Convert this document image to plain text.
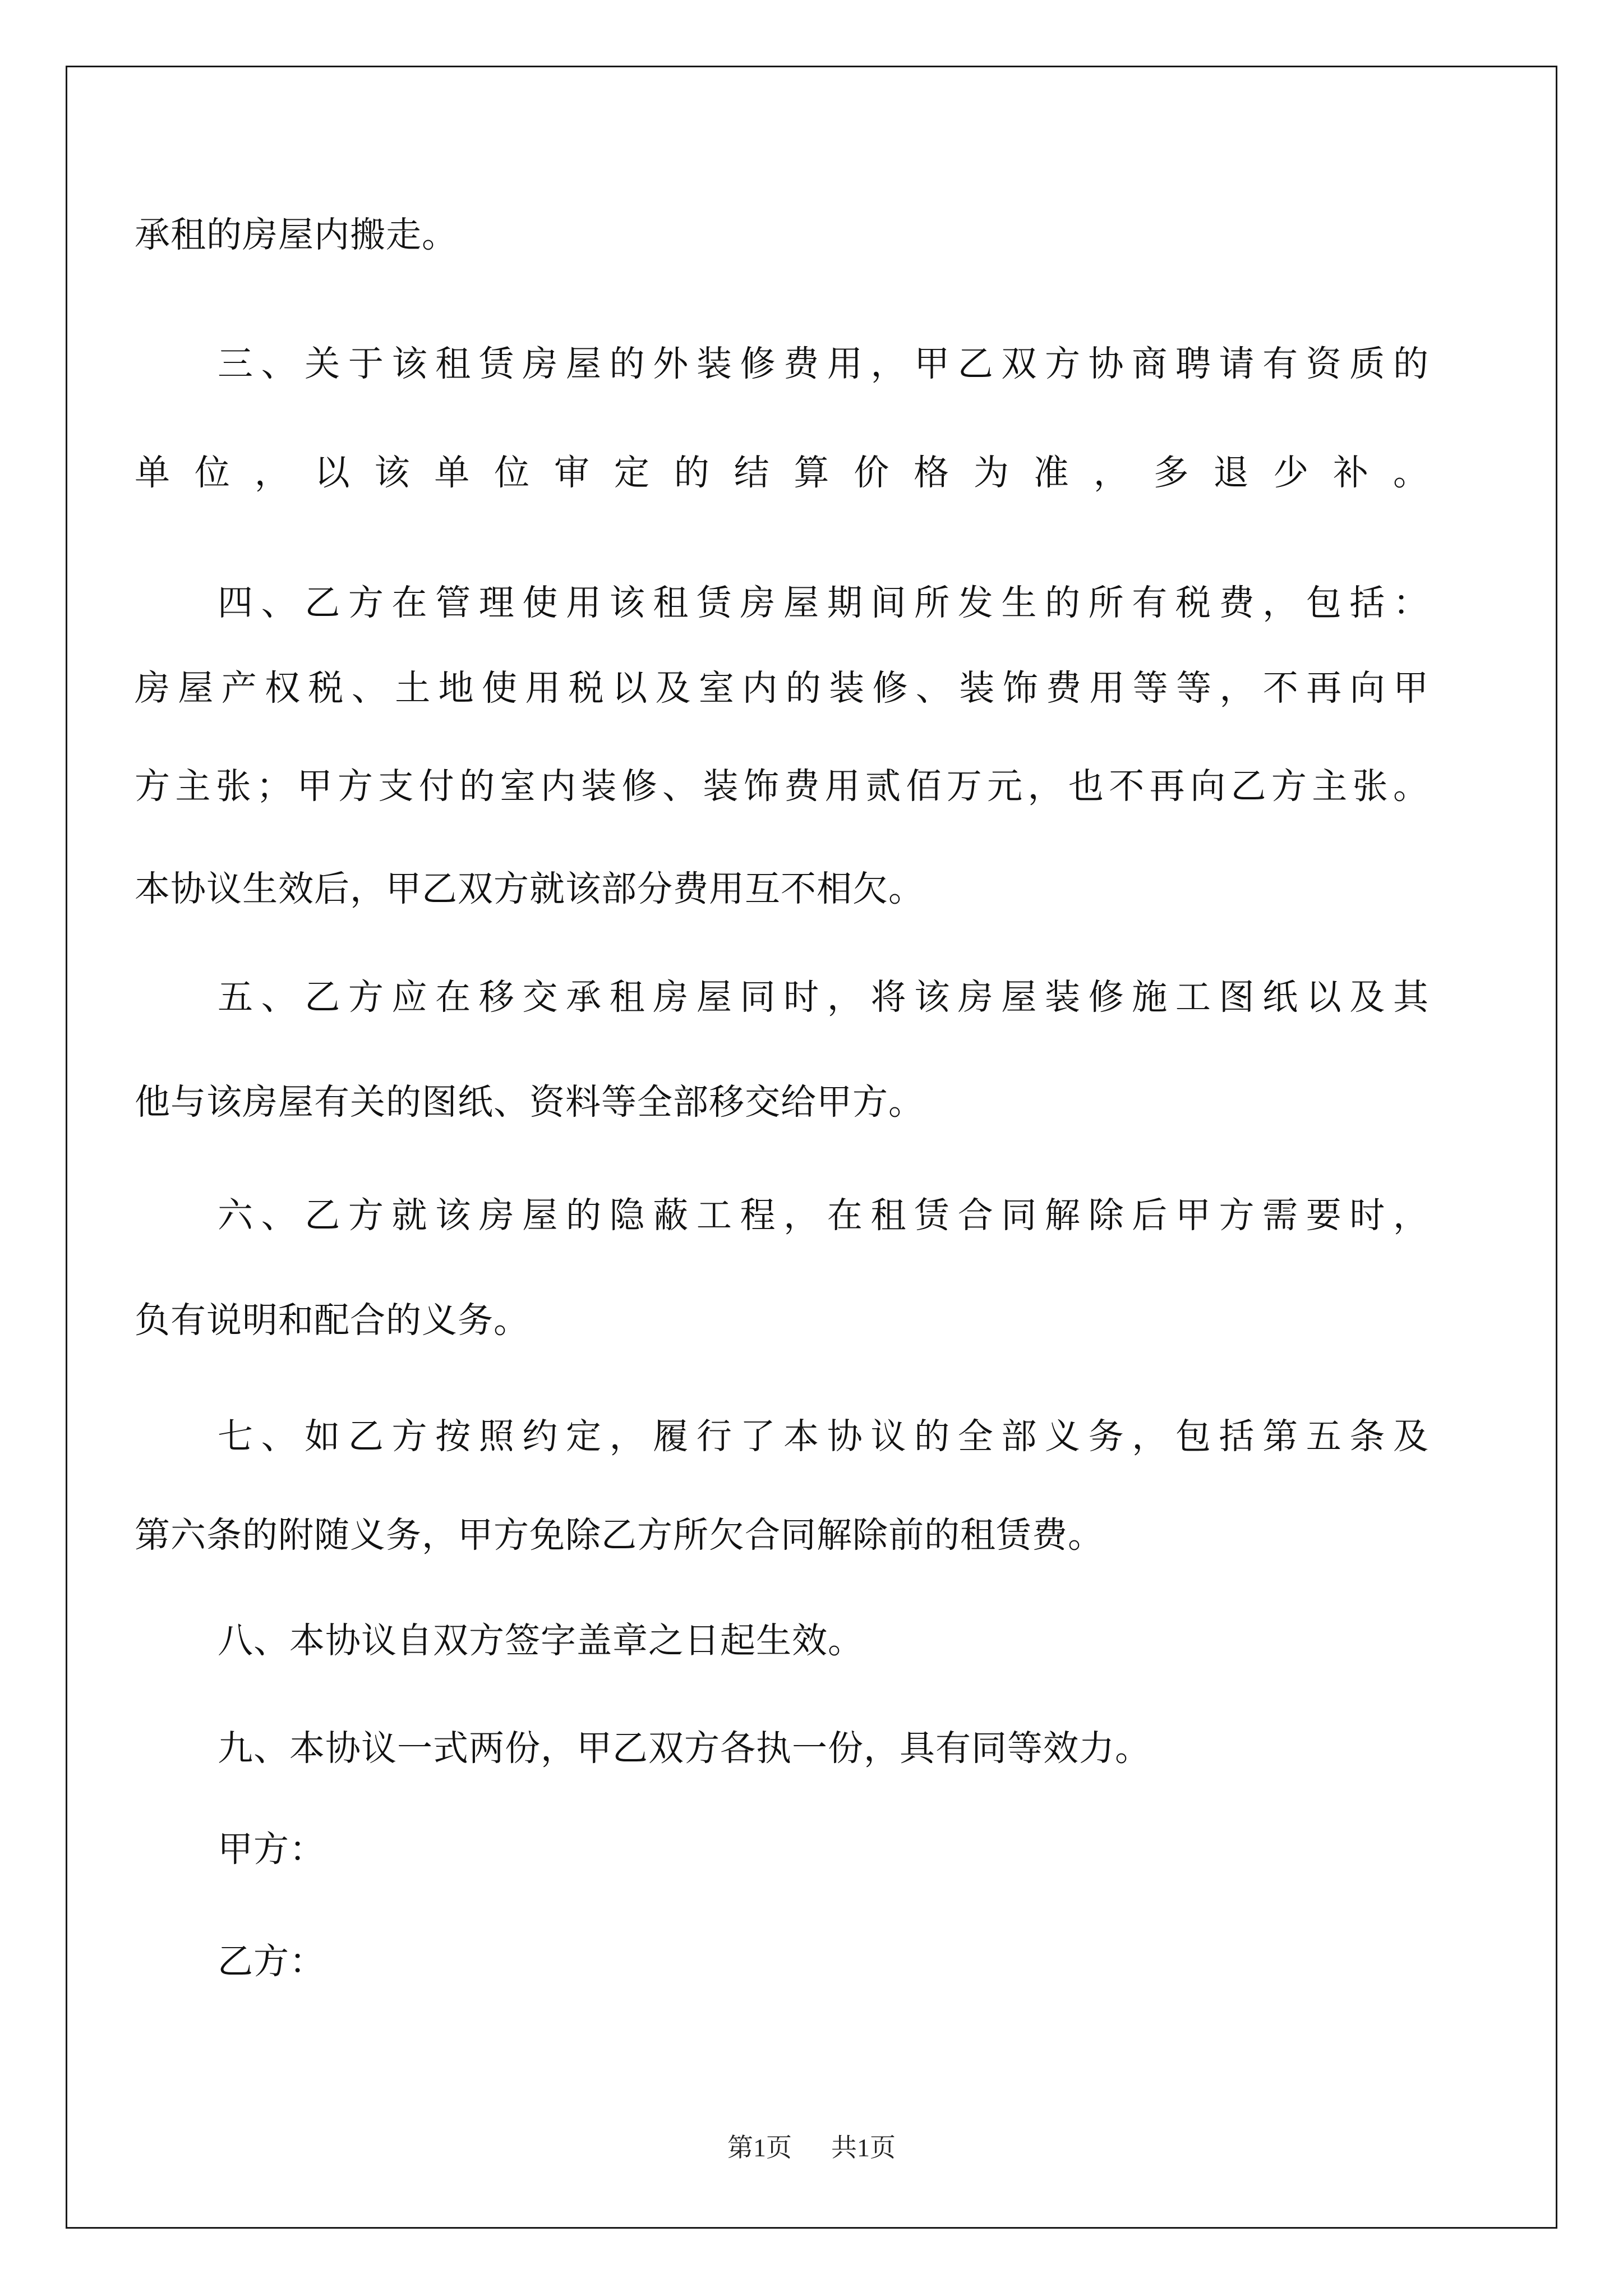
承租的房屋内搬走。
三、关于该租赁房屋的外装修费用，甲乙双方协商聘请有资质的
单位，以该单位审定的结算价格为准，多退少补。
四、乙方在管理使用该租赁房屋期间所发生的所有税费，包括：
房屋产权税、土地使用税以及室内的装修、装饰费用等等，不再向甲
方主张；甲方支付的室内装修、装饰费用贰佰万元，也不再向乙方主张。
本协议生效后，甲乙双方就该部分费用互不相欠。
五、乙方应在移交承租房屋同时，将该房屋装修施工图纸以及其
他与该房屋有关的图纸、资料等全部移交给甲方。
六、乙方就该房屋的隐蔽工程，在租赁合同解除后甲方需要时，
负有说明和配合的义务。
七、如乙方按照约定，履行了本协议的全部义务，包括第五条及
第六条的附随义务，甲方免除乙方所欠合同解除前的租赁费。
八、本协议自双方签字盖章之日起生效。
九、本协议一式两份，甲乙双方各执一份，具有同等效力。
甲方：
乙方：
第1页 共1页
